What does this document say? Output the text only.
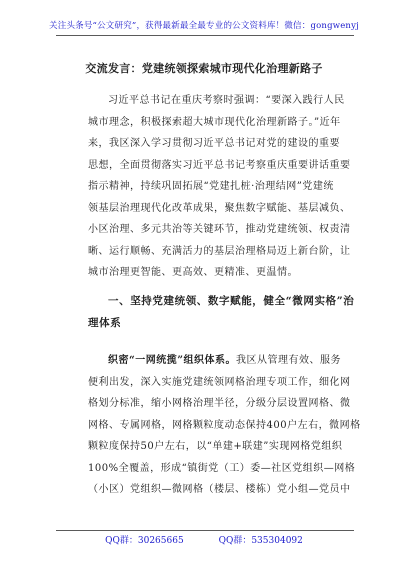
关注头条号“公文研究”，获得最新最全最专业的公文资料库！微信：gongwenyj
交流发言：党建统领探索城市现代化治理新路子
习近平总书记在重庆考察时强调：“要深入践行人民
城市理念，积极探索超大城市现代化治理新路子。”近年
来，我区深入学习贯彻习近平总书记对党的建设的重要
思想，全面贯彻落实习近平总书记考察重庆重要讲话重要
指示精神，持续巩固拓展“党建扎桩·治理结网”党建统
领基层治理现代化改革成果，聚焦数字赋能、基层减负、
小区治理、多元共治等关键环节，推动党建统领、权责清
晰、运行顺畅、充满活力的基层治理格局迈上新台阶，让
城市治理更智能、更高效、更精准、更温情。
一、坚持党建统领、数字赋能，健全“微网实格”治
理体系
织密“一网统揽”组织体系。我区从管理有效、服务
便利出发，深入实施党建统领网格治理专项工作，细化网
格划分标准，缩小网格治理半径，分级分层设置网格、微
网格、专属网格，网格颗粒度动态保持400户左右，微网格
颗粒度保持50户左右，以“单建+联建”实现网格党组织
100%全覆盖，形成“镇街党（工）委—社区党组织—网格
（小区）党组织—微网格（楼层、楼栋）党小组—党员中
QQ群：30265665	QQ群：535304092
